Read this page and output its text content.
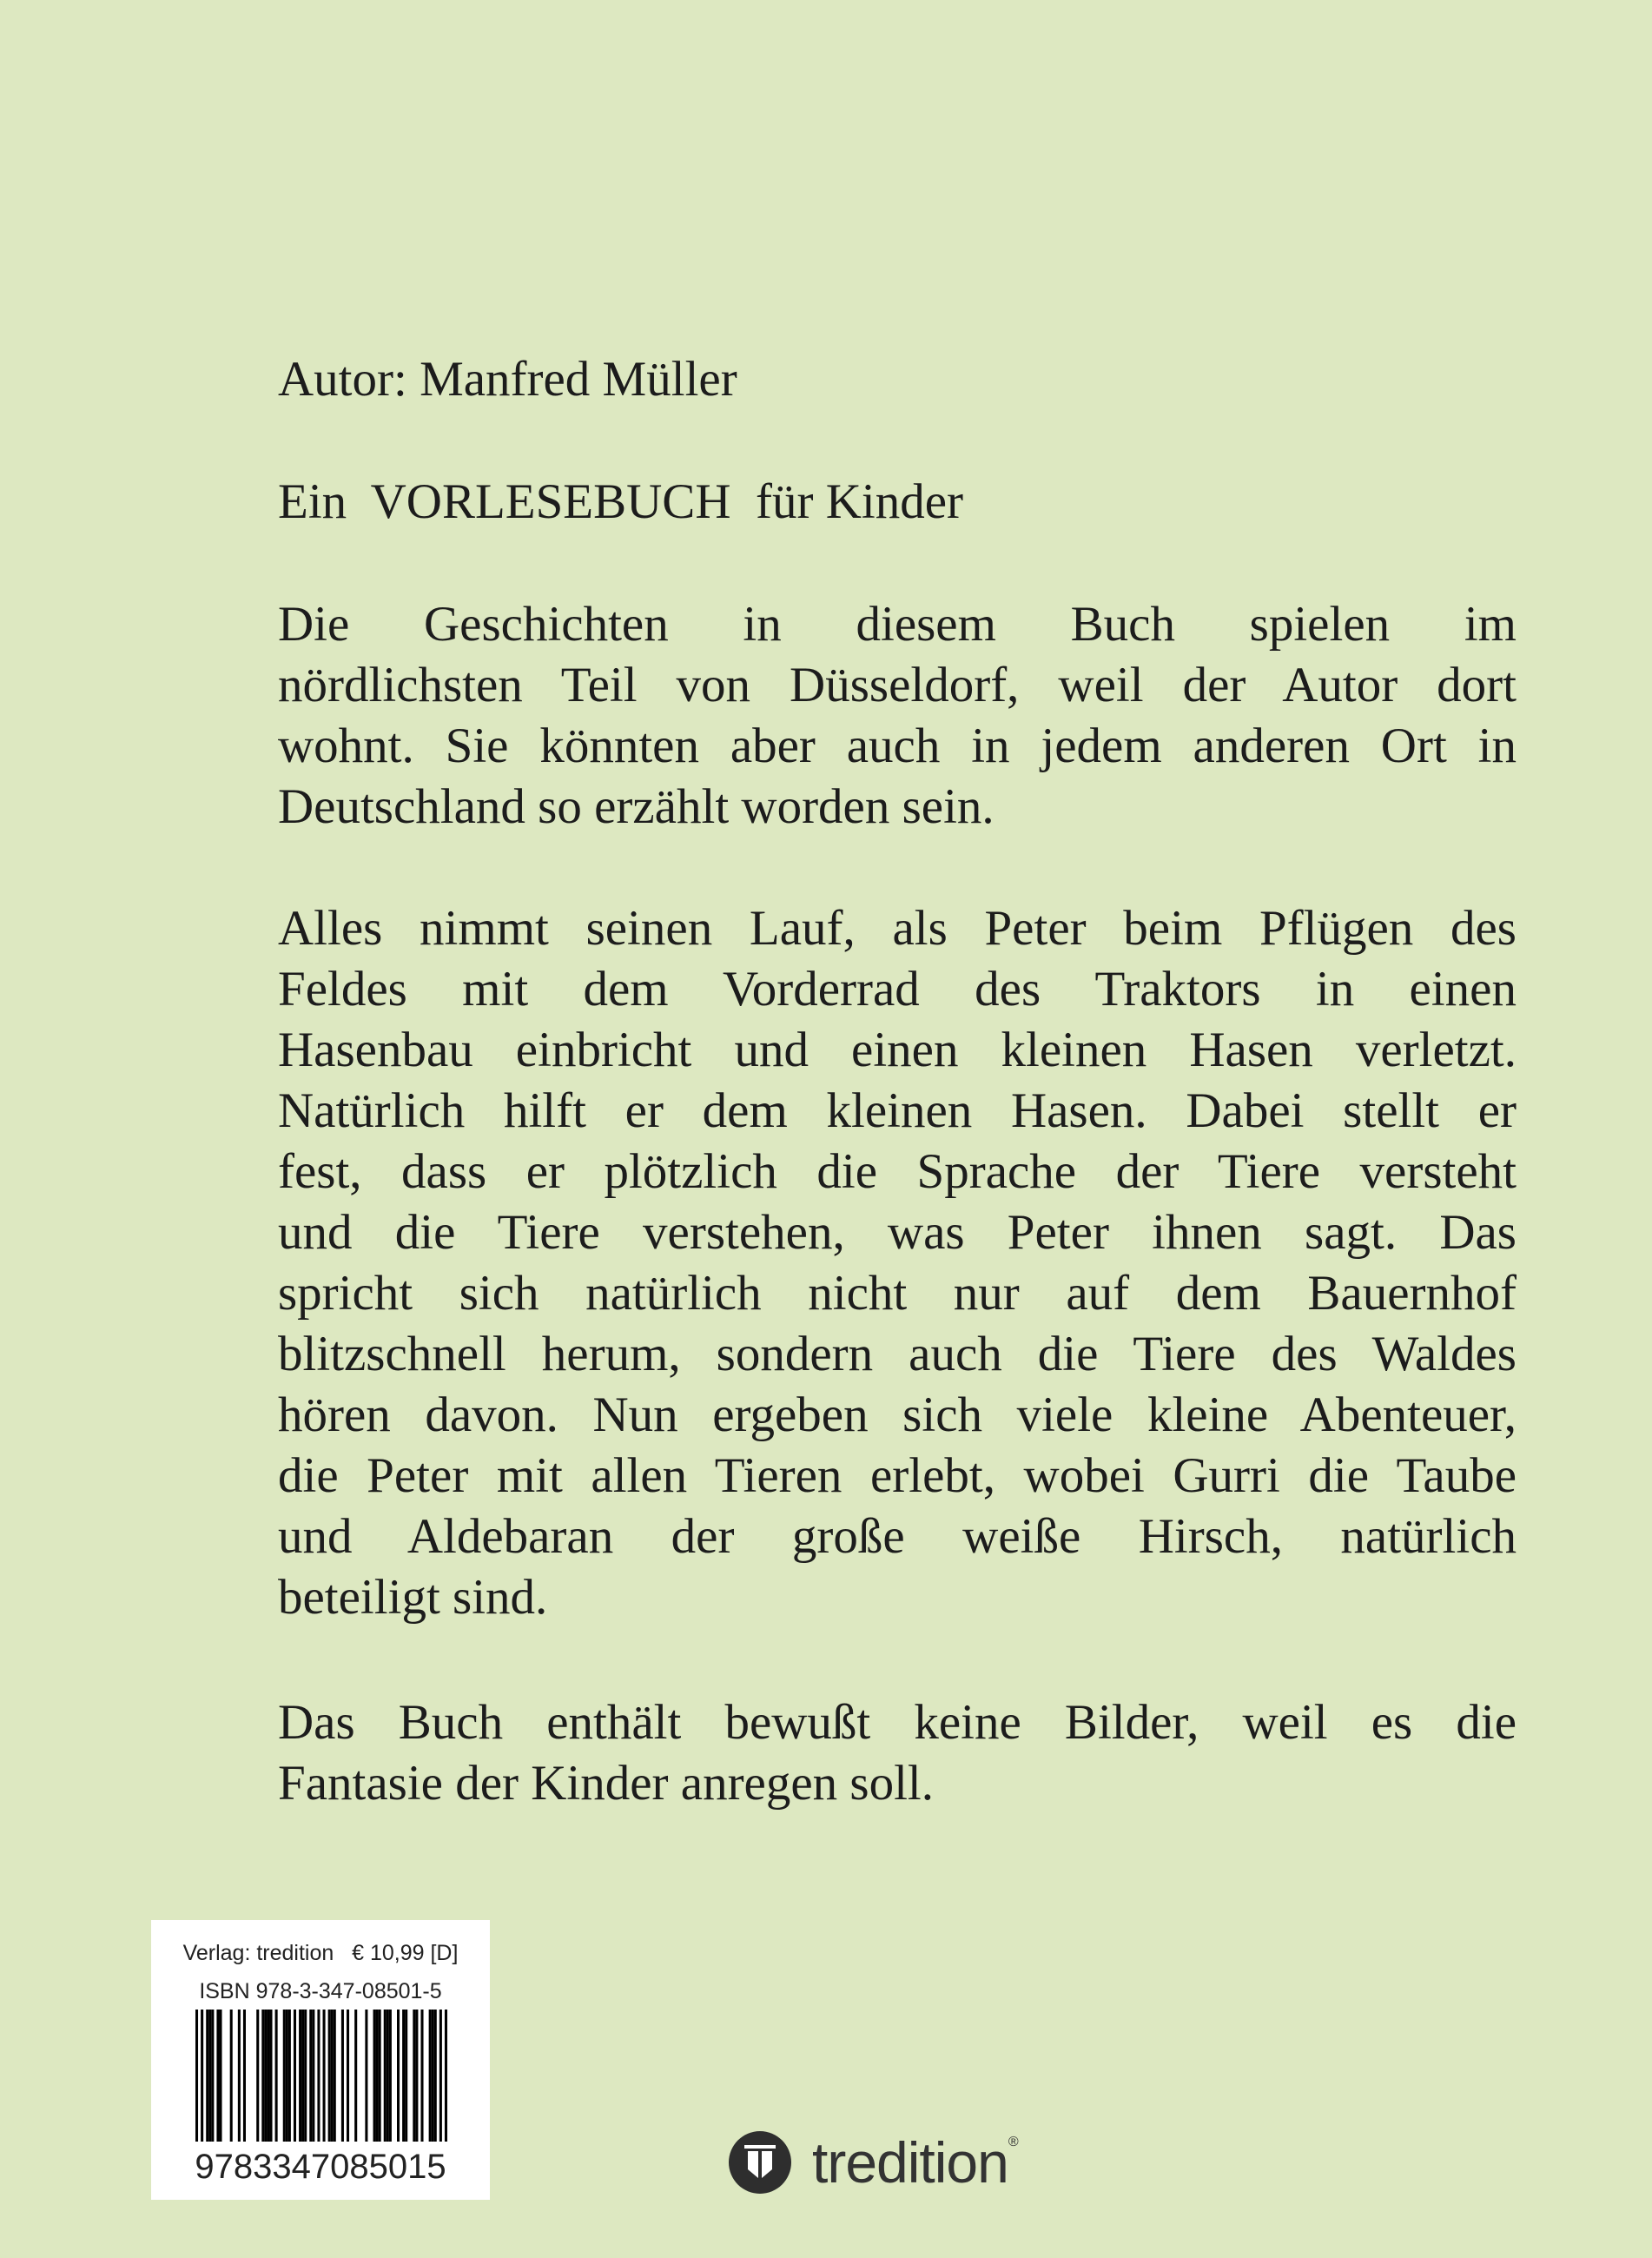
Autor: Manfred Müller
Ein  VORLESEBUCH  für Kinder
Die Geschichten in diesem Buch spielen im
nördlichsten Teil von Düsseldorf, weil der Autor dort
wohnt. Sie könnten aber auch in jedem anderen Ort in
Deutschland so erzählt worden sein.
Alles nimmt seinen Lauf, als Peter beim Pflügen des
Feldes mit dem Vorderrad des Traktors in einen
Hasenbau einbricht und einen kleinen Hasen verletzt.
Natürlich hilft er dem kleinen Hasen. Dabei stellt er
fest, dass er plötzlich die Sprache der Tiere versteht
und die Tiere verstehen, was Peter ihnen sagt. Das
spricht sich natürlich nicht nur auf dem Bauernhof
blitzschnell herum, sondern auch die Tiere des Waldes
hören davon. Nun ergeben sich viele kleine Abenteuer,
die Peter mit allen Tieren erlebt, wobei Gurri die Taube
und Aldebaran der große weiße Hirsch, natürlich
beteiligt sind.
Das Buch enthält bewußt keine Bilder, weil es die
Fantasie der Kinder anregen soll.
Verlag: tredition   € 10,99 [D]
ISBN 978-3-347-08501-5
9783347085015	tredition®
